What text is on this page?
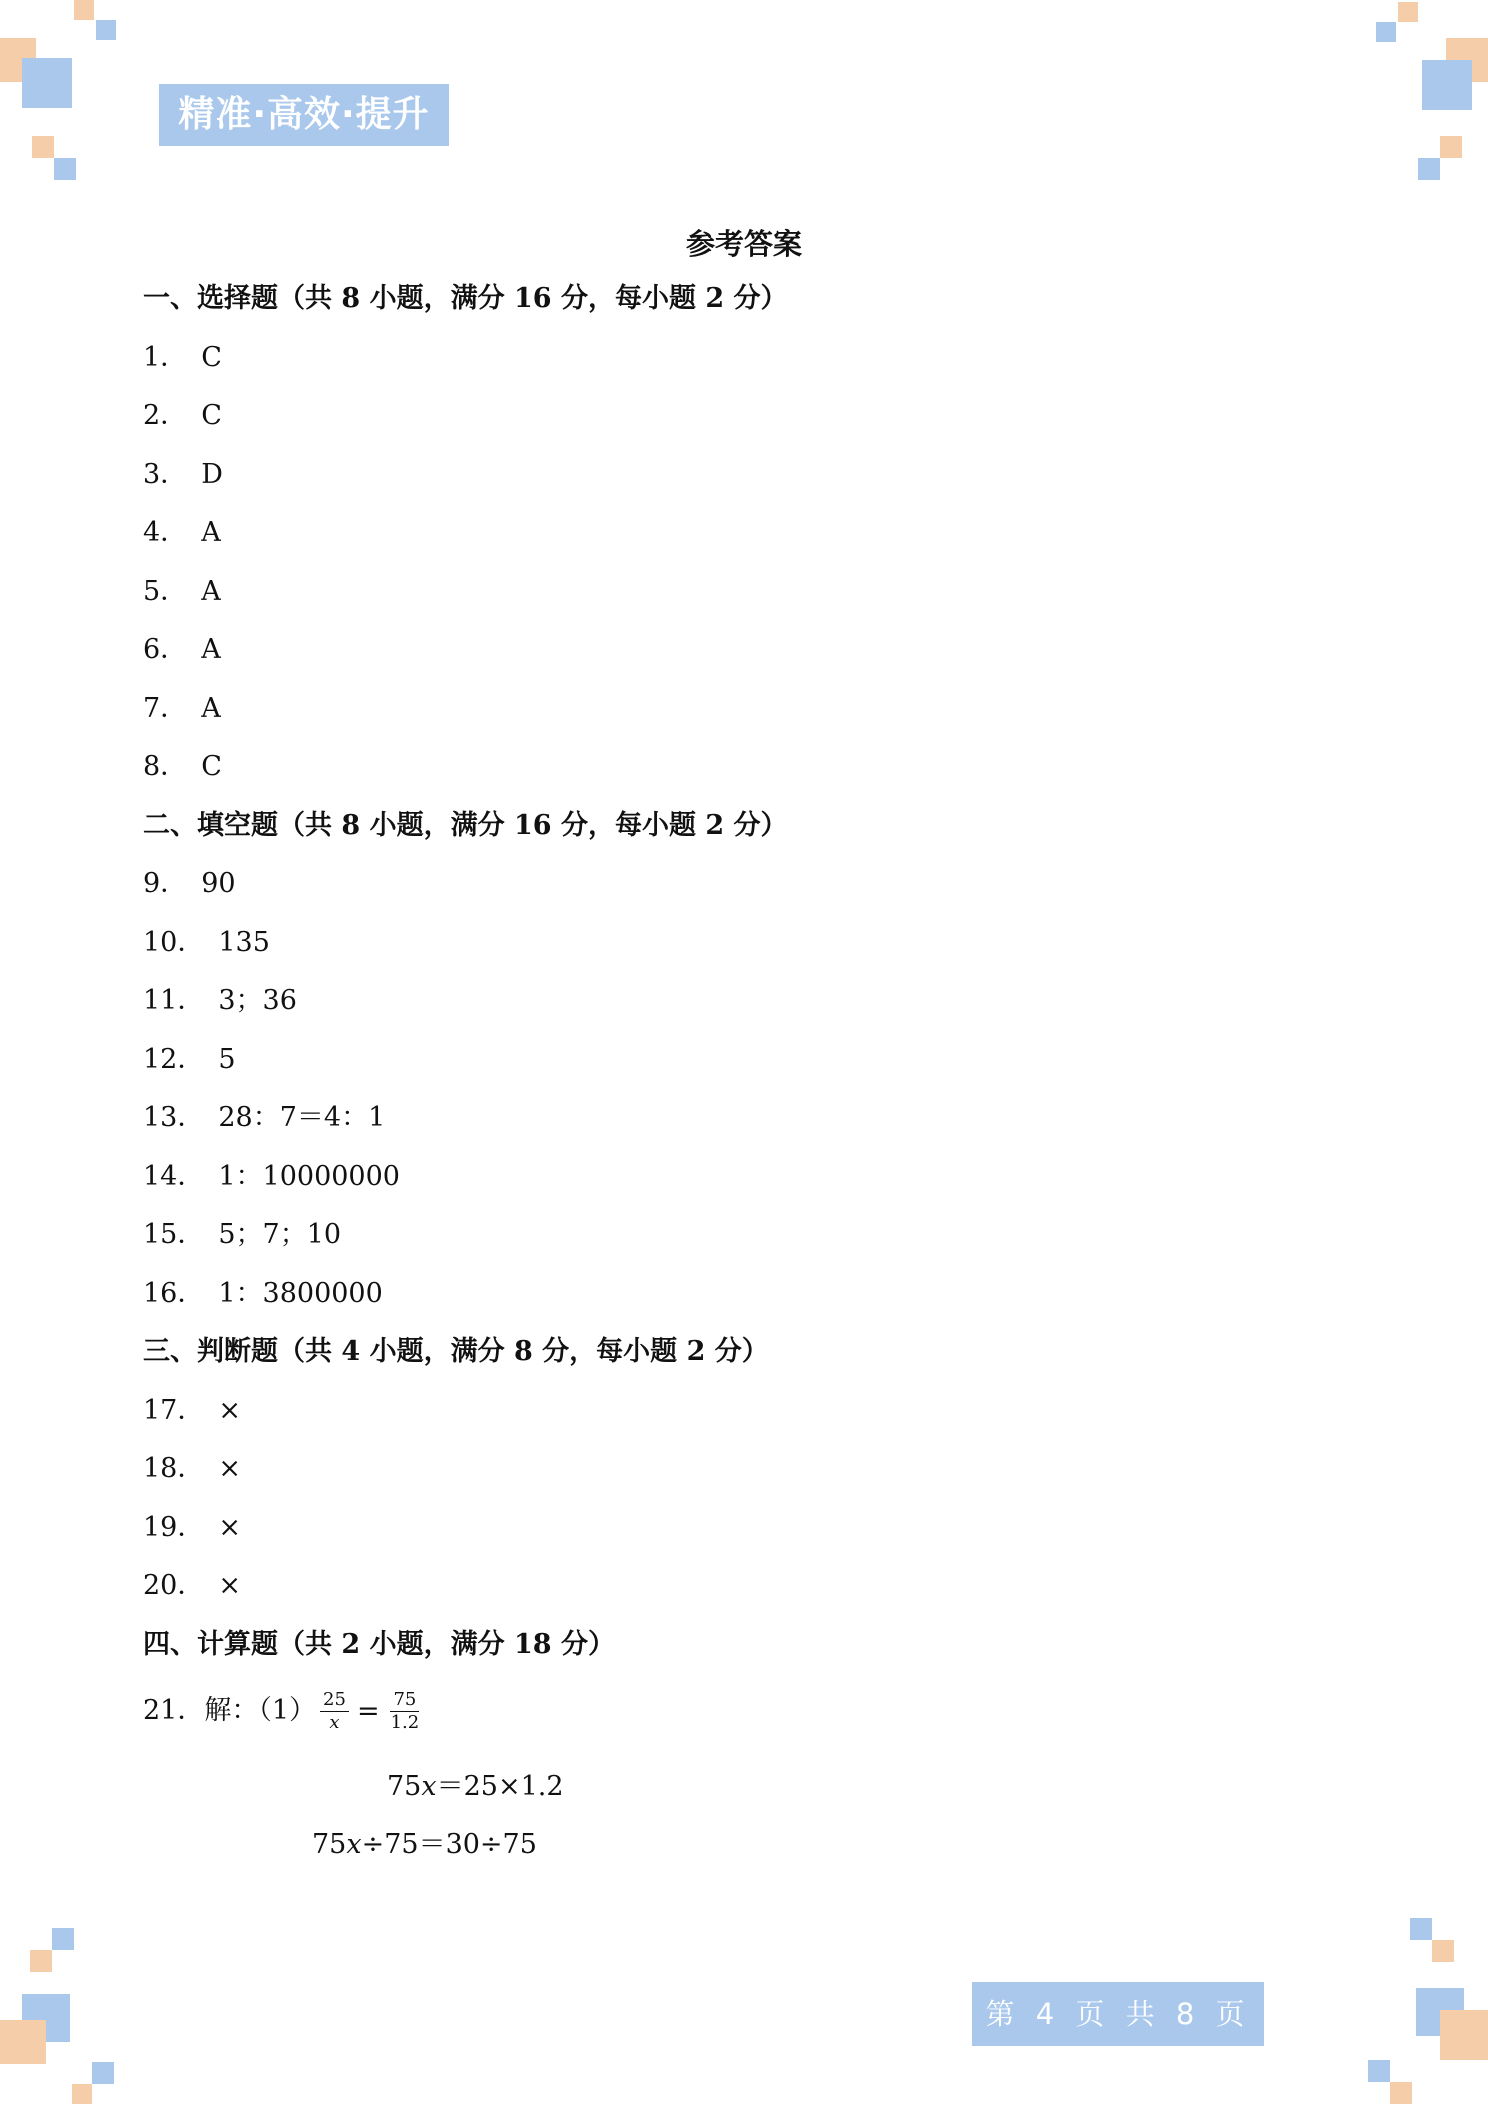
精准·高效·提升
参考答案
一、选择题（共 8 小题，满分 16 分，每小题 2 分）
1． C
2． C
3． D
4． A
5． A
6． A
7． A
8． C
二、填空题（共 8 小题，满分 16 分，每小题 2 分）
9． 90
10． 135
11． 3；36
12． 5
13． 28：7＝4：1
14． 1：10000000
15． 5；7；10
16． 1：3800000
三、判断题（共 4 小题，满分 8 分，每小题 2 分）
17． ×
18． ×
19． ×
20． ×
四、计算题（共 2 小题，满分 18 分）
21．解：$(1) \frac{25}{x} = \frac{75}{1.2}$
75x＝25×1.2
75x÷75＝30÷75
第 4 页 共 8 页
